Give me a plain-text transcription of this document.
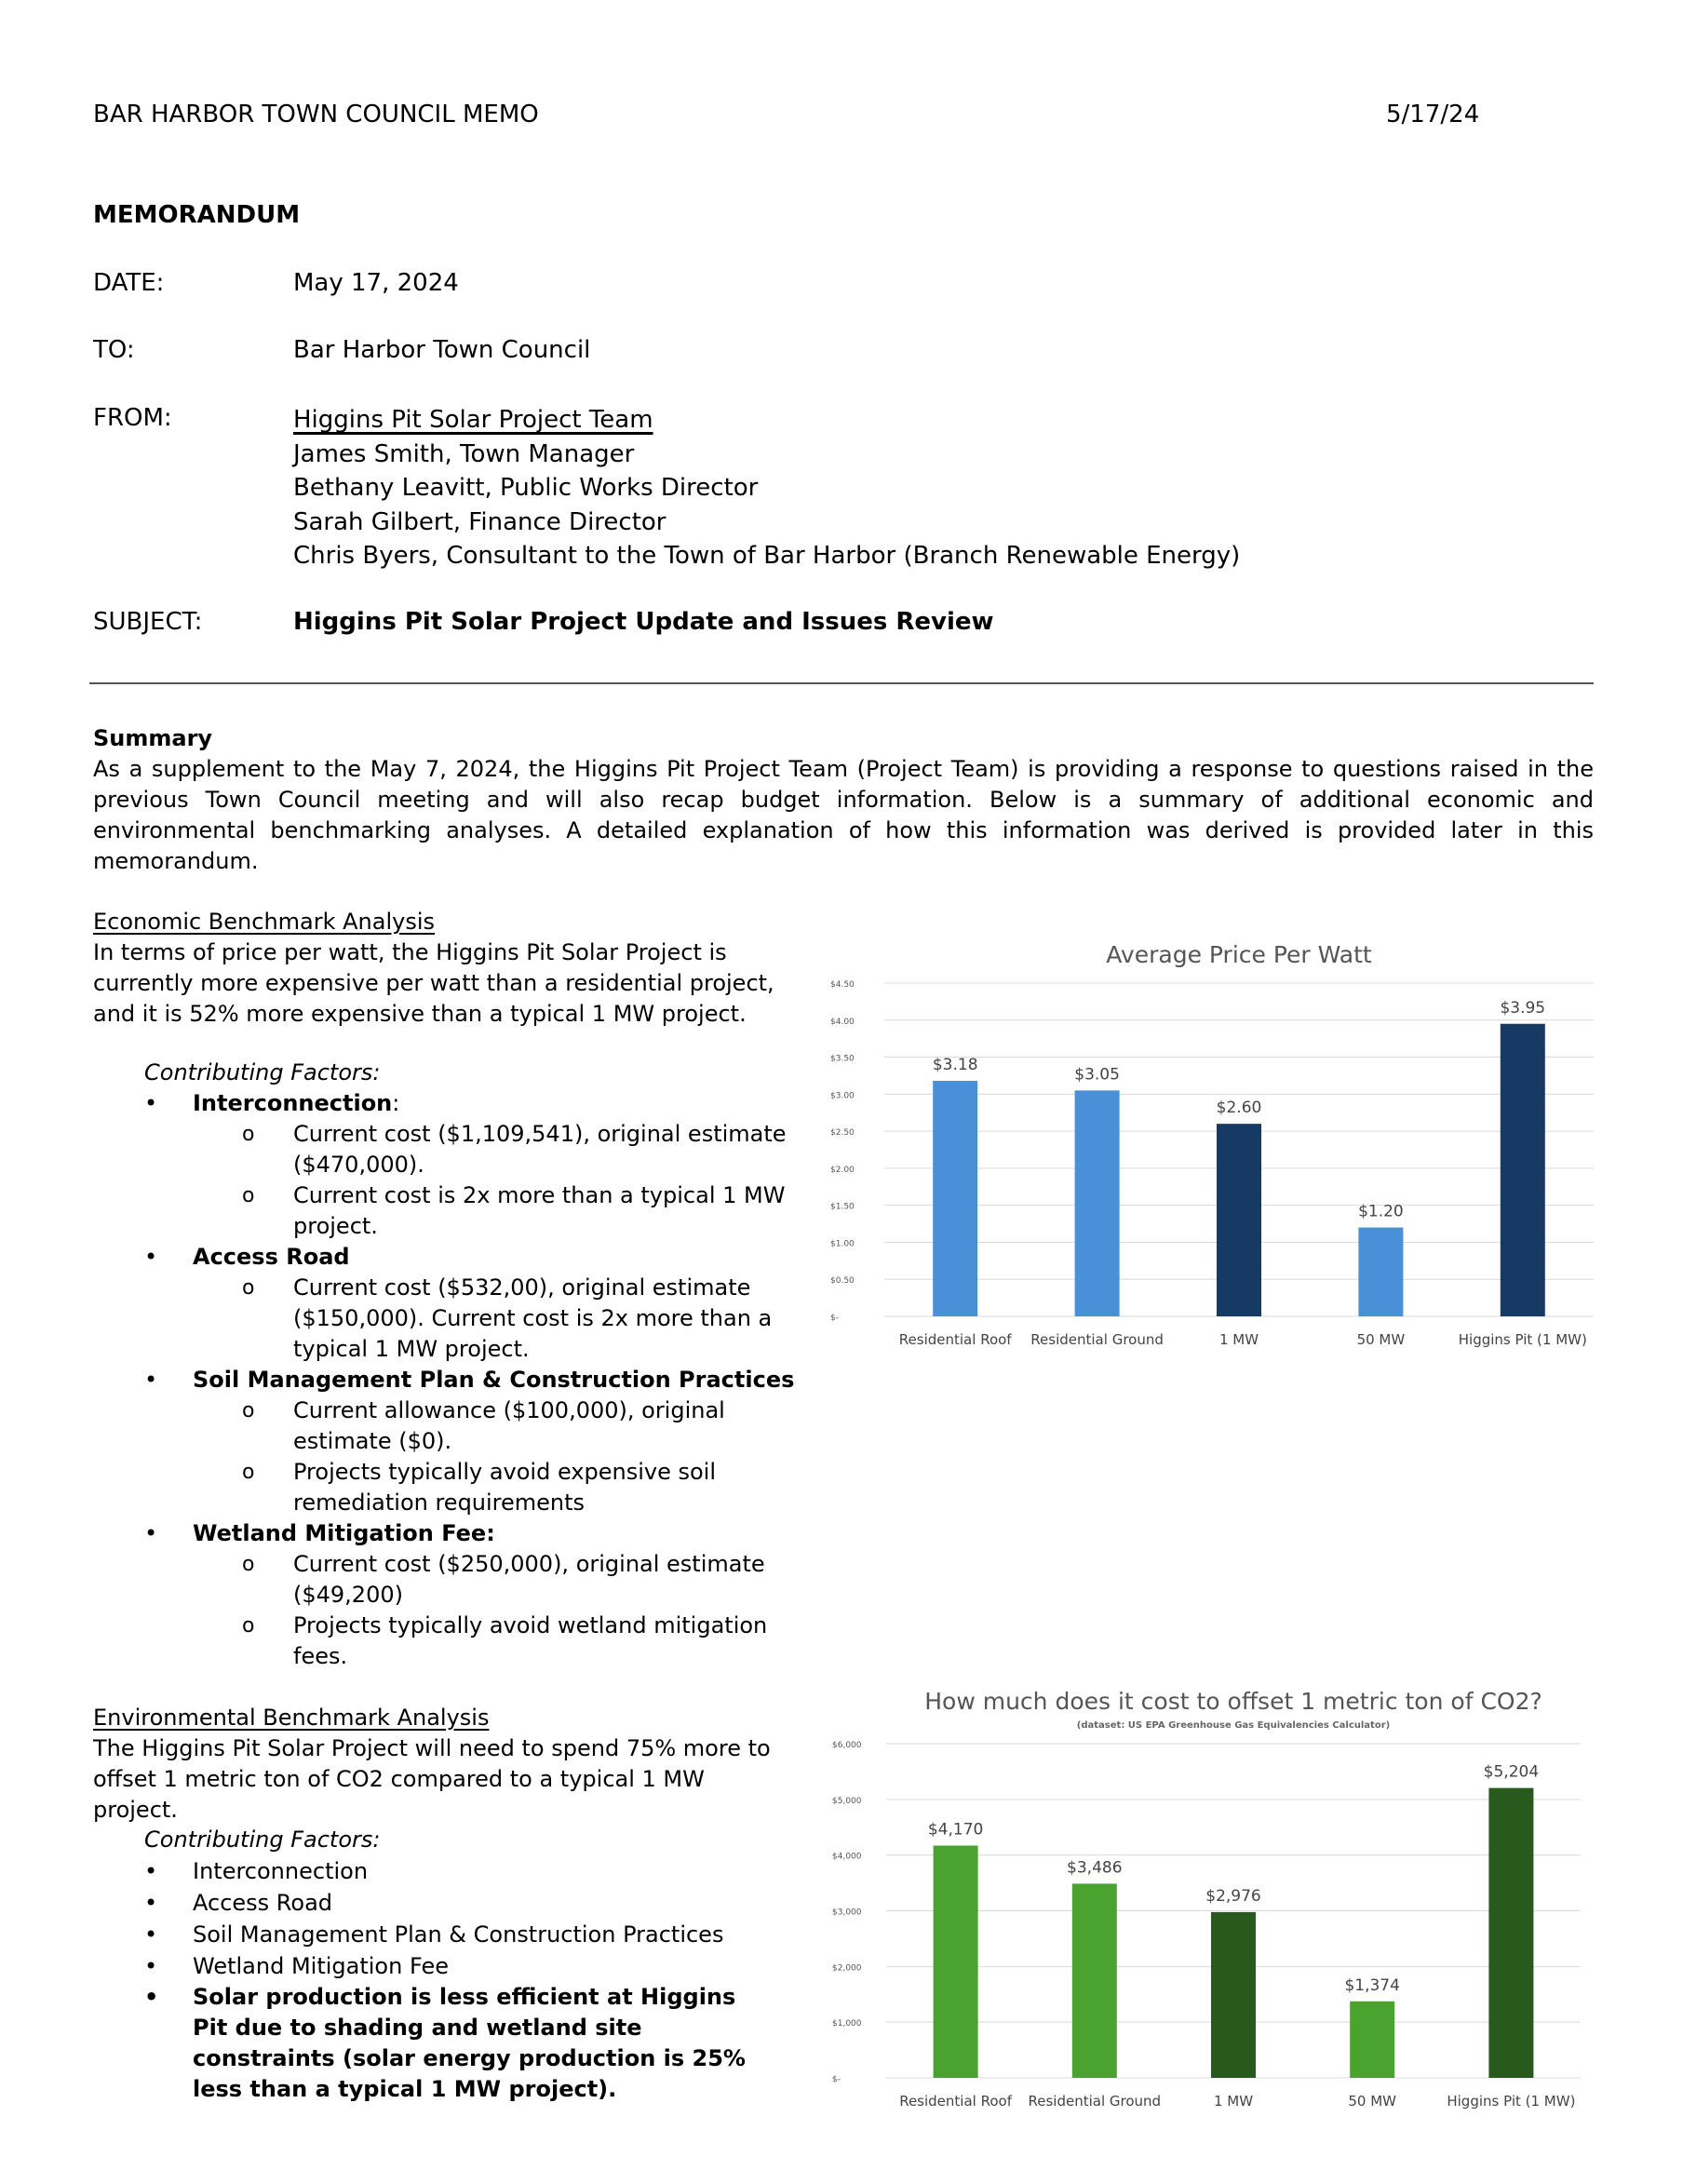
BAR HARBOR TOWN COUNCIL MEMO	5/17/24
MEMORANDUM
DATE:	May 17, 2024
TO:	Bar Harbor Town Council
FROM:	Higgins Pit Solar Project Team
James Smith, Town Manager
Bethany Leavitt, Public Works Director
Sarah Gilbert, Finance Director
Chris Byers, Consultant to the Town of Bar Harbor (Branch Renewable Energy)
SUBJECT:	Higgins Pit Solar Project Update and Issues Review
Summary
As a supplement to the May 7, 2024, the Higgins Pit Project Team (Project Team) is providing a response to questions raised in the previous Town Council meeting and will also recap budget information. Below is a summary of additional economic and environmental benchmarking analyses. A detailed explanation of how this information was derived is provided later in this memorandum.
Economic Benchmark Analysis
In terms of price per watt, the Higgins Pit Solar Project is currently more expensive per watt than a residential project, and it is 52% more expensive than a typical 1 MW project.
Contributing Factors:
• Interconnection:
o Current cost ($1,109,541), original estimate ($470,000).
o Current cost is 2x more than a typical 1 MW project.
• Access Road
o Current cost ($532,00), original estimate ($150,000). Current cost is 2x more than a typical 1 MW project.
• Soil Management Plan & Construction Practices
o Current allowance ($100,000), original estimate ($0).
o Projects typically avoid expensive soil remediation requirements
• Wetland Mitigation Fee:
o Current cost ($250,000), original estimate ($49,200)
o Projects typically avoid wetland mitigation fees.
Environmental Benchmark Analysis
The Higgins Pit Solar Project will need to spend 75% more to offset 1 metric ton of CO2 compared to a typical 1 MW project.
Contributing Factors:
• Interconnection
• Access Road
• Soil Management Plan & Construction Practices
• Wetland Mitigation Fee
• Solar production is less efficient at Higgins Pit due to shading and wetland site constraints (solar energy production is 25% less than a typical 1 MW project).
Average Price Per Watt
$-
$0.50
$1.00
$1.50
$2.00
$2.50
$3.00
$3.50
$4.00
$4.50
$3.18
Residential Roof
$3.05
Residential Ground
$2.60
1 MW
$1.20
50 MW
$3.95
Higgins Pit (1 MW)
How much does it cost to offset 1 metric ton of CO2?
(dataset: US EPA Greenhouse Gas Equivalencies Calculator)
$-
$1,000
$2,000
$3,000
$4,000
$5,000
$6,000
$4,170
Residential Roof
$3,486
Residential Ground
$2,976
1 MW
$1,374
50 MW
$5,204
Higgins Pit (1 MW)
